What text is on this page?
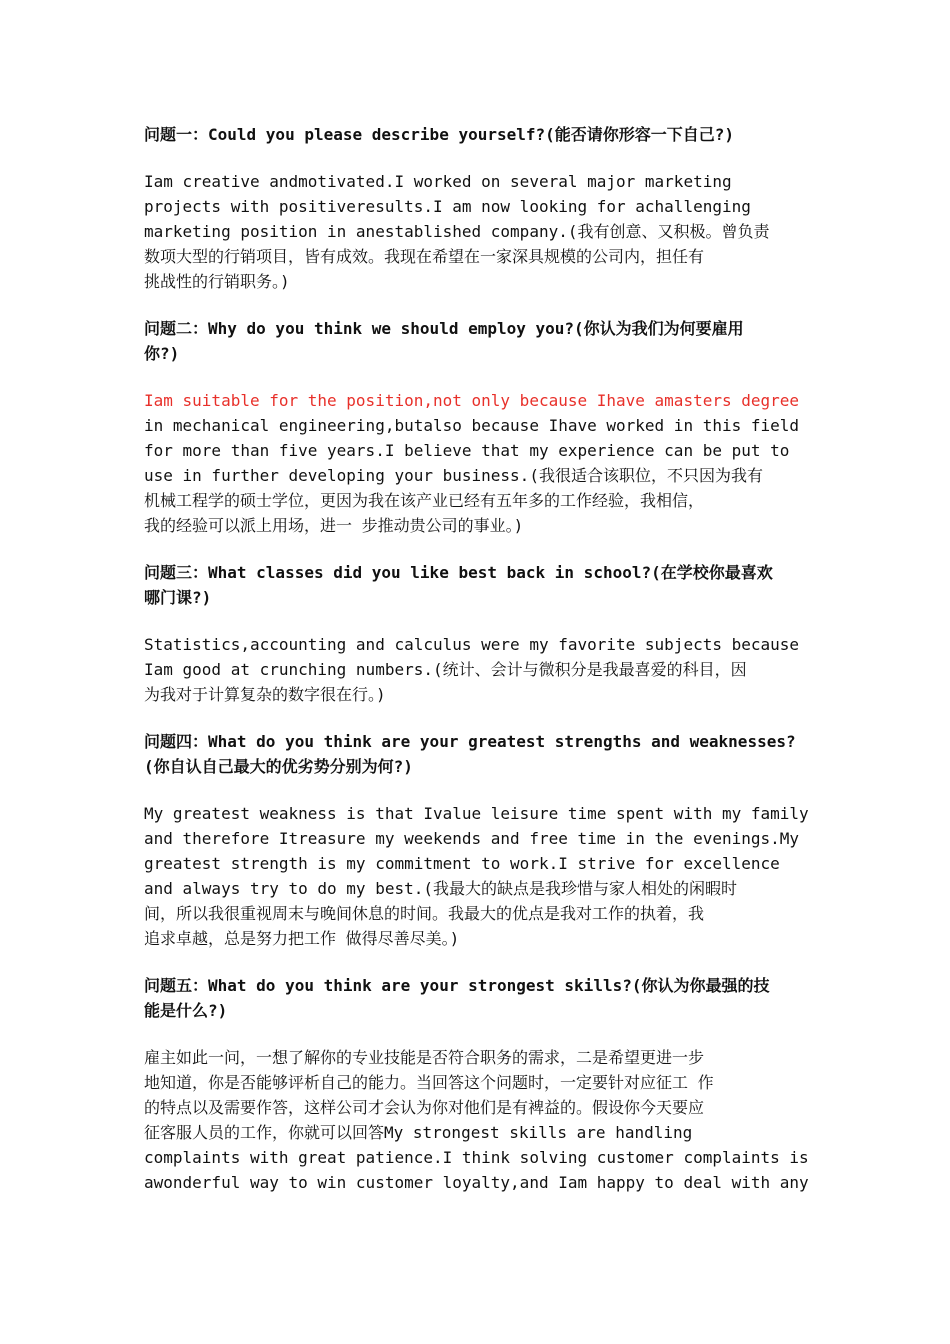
问题一：Could you please describe yourself?(能否请你形容一下自己?)
Iam creative andmotivated.I worked on several major marketing
projects with positiveresults.I am now looking for achallenging
marketing position in anestablished company.(我有创意、又积极。曾负责
数项大型的行销项目，皆有成效。我现在希望在一家深具规模的公司内，担任有
挑战性的行销职务。)
问题二：Why do you think we should employ you?(你认为我们为何要雇用
你?)
Iam suitable for the position,not only because Ihave amasters degree
in mechanical engineering,butalso because Ihave worked in this field
for more than five years.I believe that my experience can be put to
use in further developing your business.(我很适合该职位，不只因为我有
机械工程学的硕士学位，更因为我在该产业已经有五年多的工作经验，我相信，
我的经验可以派上用场，进一 步推动贵公司的事业。)
问题三：What classes did you like best back in school?(在学校你最喜欢
哪门课?)
Statistics,accounting and calculus were my favorite subjects because
Iam good at crunching numbers.(统计、会计与微积分是我最喜爱的科目，因
为我对于计算复杂的数字很在行。)
问题四：What do you think are your greatest strengths and weaknesses?
(你自认自己最大的优劣势分别为何?)
My greatest weakness is that Ivalue leisure time spent with my family
and therefore Itreasure my weekends and free time in the evenings.My
greatest strength is my commitment to work.I strive for excellence
and always try to do my best.(我最大的缺点是我珍惜与家人相处的闲暇时
间，所以我很重视周末与晚间休息的时间。我最大的优点是我对工作的执着，我
追求卓越，总是努力把工作 做得尽善尽美。)
问题五：What do you think are your strongest skills?(你认为你最强的技
能是什么?)
雇主如此一问，一想了解你的专业技能是否符合职务的需求，二是希望更进一步
地知道，你是否能够评析自己的能力。当回答这个问题时，一定要针对应征工 作
的特点以及需要作答，这样公司才会认为你对他们是有裨益的。假设你今天要应
征客服人员的工作，你就可以回答My strongest skills are handling
complaints with great patience.I think solving customer complaints is
awonderful way to win customer loyalty,and Iam happy to deal with any
